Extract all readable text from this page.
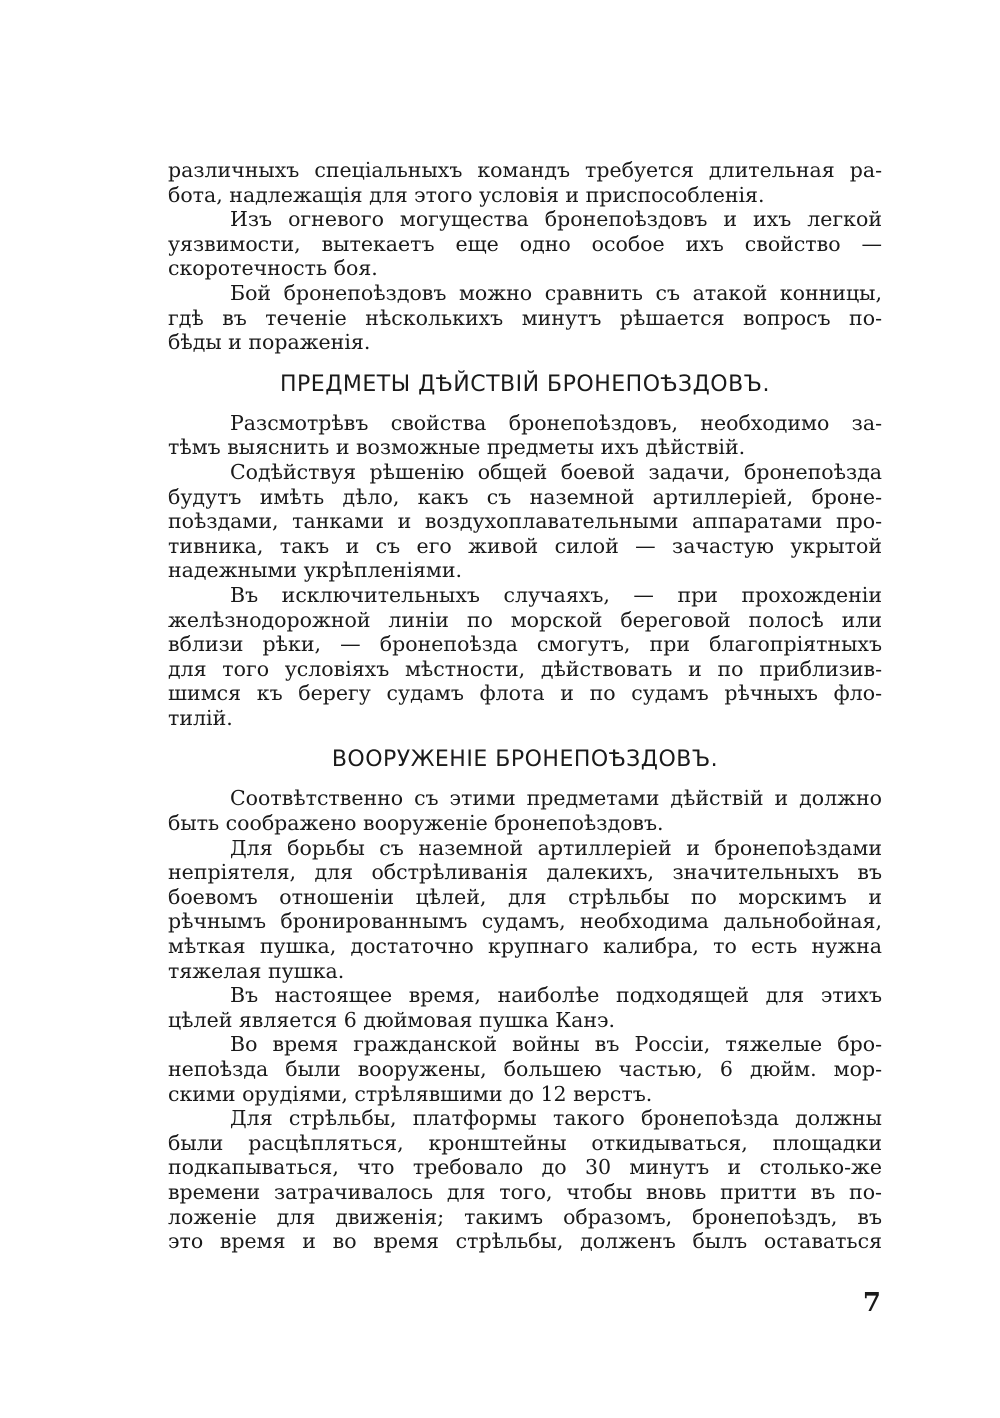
различныхъ спеціальныхъ командъ требуется длительная ра-
бота, надлежащія для этого условія и приспособленія.
Изъ огневого могущества бронепоѣздовъ и ихъ легкой
уязвимости, вытекаетъ еще одно особое ихъ свойство —
скоротечность боя.
Бой бронепоѣздовъ можно сравнить съ атакой конницы,
гдѣ въ теченіе нѣсколькихъ минутъ рѣшается вопросъ по-
бѣды и пораженія.
ПРЕДМЕТЫ ДѢЙСТВІЙ БРОНЕПОѢЗДОВЪ.
Разсмотрѣвъ свойства бронепоѣздовъ, необходимо за-
тѣмъ выяснить и возможные предметы ихъ дѣйствій.
Содѣйствуя рѣшенію общей боевой задачи, бронепоѣзда
будутъ имѣть дѣло, какъ съ наземной артиллеріей, броне-
поѣздами, танками и воздухоплавательными аппаратами про-
тивника, такъ и съ его живой силой — зачастую укрытой
надежными укрѣпленіями.
Въ исключительныхъ случаяхъ, — при прохожденіи
желѣзнодорожной линіи по морской береговой полосѣ или
вблизи рѣки, — бронепоѣзда смогутъ, при благопріятныхъ
для того условіяхъ мѣстности, дѣйствовать и по приблизив-
шимся къ берегу судамъ флота и по судамъ рѣчныхъ фло-
тилій.
ВООРУЖЕНІЕ БРОНЕПОѢЗДОВЪ.
Соотвѣтственно съ этими предметами дѣйствій и должно
быть соображено вооруженіе бронепоѣздовъ.
Для борьбы съ наземной артиллеріей и бронепоѣздами
непріятеля, для обстрѣливанія далекихъ, значительныхъ въ
боевомъ отношеніи цѣлей, для стрѣльбы по морскимъ и
рѣчнымъ бронированнымъ судамъ, необходима дальнобойная,
мѣткая пушка, достаточно крупнаго калибра, то есть нужна
тяжелая пушка.
Въ настоящее время, наиболѣе подходящей для этихъ
цѣлей является 6 дюймовая пушка Канэ.
Во время гражданской войны въ Россіи, тяжелые бро-
непоѣзда были вооружены, большею частью, 6 дюйм. мор-
скими орудіями, стрѣлявшими до 12 верстъ.
Для стрѣльбы, платформы такого бронепоѣзда должны
были расцѣпляться, кронштейны откидываться, площадки
подкапываться, что требовало до 30 минутъ и столько-же
времени затрачивалось для того, чтобы вновь притти въ по-
ложеніе для движенія; такимъ образомъ, бронепоѣздъ, въ
это время и во время стрѣльбы, долженъ былъ оставаться
7
